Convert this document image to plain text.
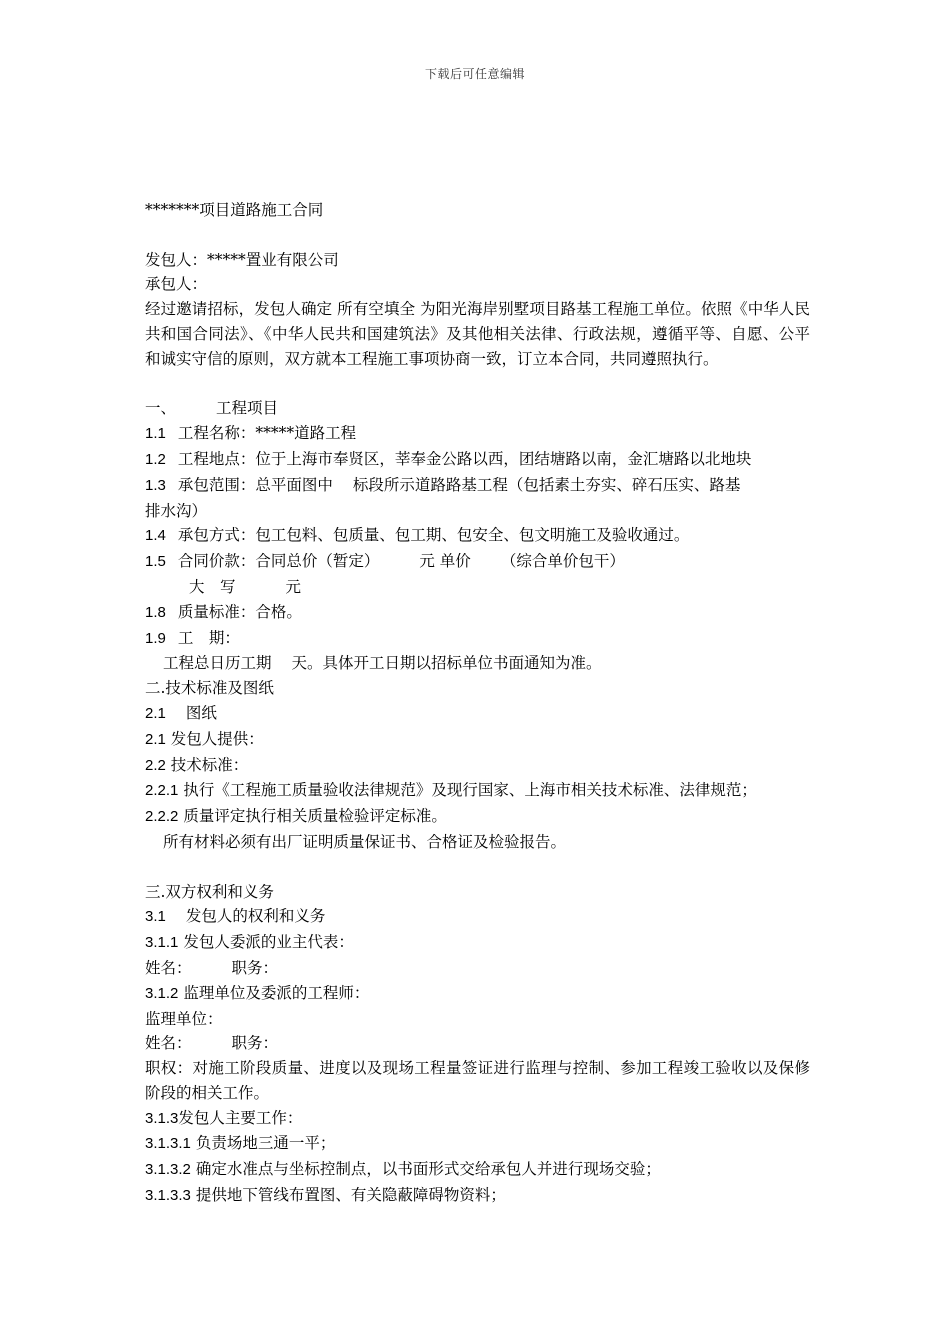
下载后可任意编辑
*******项目道路施工合同
发包人：*****置业有限公司
承包人：
经过邀请招标，发包人确定 所有空填全 为阳光海岸别墅项目路基工程施工单位。依照《中华人民共和国合同法》、《中华人民共和国建筑法》及其他相关法律、行政法规，遵循平等、自愿、公平和诚实守信的原则，双方就本工程施工事项协商一致，订立本合同，共同遵照执行。
一、	工程项目
1.1 工程名称：*****道路工程
1.2 工程地点：位于上海市奉贤区，莘奉金公路以西，团结塘路以南，金汇塘路以北地块
1.3 承包范围：总平面图中 标段所示道路路基工程（包括素土夯实、碎石压实、路基
排水沟）
1.4 承包方式：包工包料、包质量、包工期、包安全、包文明施工及验收通过。
1.5 合同价款：合同总价（暂定）	元 单价 （综合单价包干）
大　写	元
1.8 质量标准：合格。
1.9 工　期：
工程总日历工期 天。具体开工日期以招标单位书面通知为准。
二.技术标准及图纸
2.1 图纸
2.1 发包人提供：
2.2 技术标准：
2.2.1 执行《工程施工质量验收法律规范》及现行国家、上海市相关技术标准、法律规范；
2.2.2 质量评定执行相关质量检验评定标准。
所有材料必须有出厂证明质量保证书、合格证及检验报告。
三.双方权利和义务
3.1 发包人的权利和义务
3.1.1 发包人委派的业主代表：
姓名：	职务：
3.1.2 监理单位及委派的工程师：
监理单位：
姓名：	职务：
职权：对施工阶段质量、进度以及现场工程量签证进行监理与控制、参加工程竣工验收以及保修阶段的相关工作。
3.1.3发包人主要工作：
3.1.3.1 负责场地三通一平；
3.1.3.2 确定水准点与坐标控制点，以书面形式交给承包人并进行现场交验；
3.1.3.3 提供地下管线布置图、有关隐蔽障碍物资料；
